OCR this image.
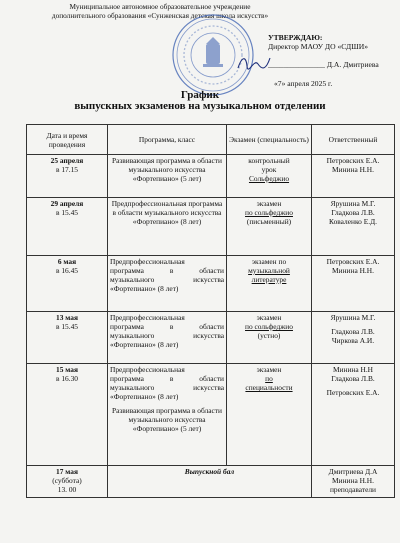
Муниципальное автономное образовательное учреждение
дополнительного образования «Сунженская детская школа искусств»
УТВЕРЖДАЮ:
Директор МАОУ ДО «СДШИ»
_______________ Д.А. Дмитриева
«7» апреля 2025 г.
График
выпускных экзаменов на музыкальном отделении
Дата и время проведения	Программа, класс	Экзамен (специальность)	Ответственный

25 апреля
в 17.15	Развивающая программа в области музыкального искусства «Фортепиано» (5 лет)	контрольный
урок
Сольфеджио	Петровских Е.А.
Минина Н.Н.

29 апреля
в 15.45	Предпрофессиональная программа в области музыкального искусства «Фортепиано» (8 лет)	экзамен
по сольфеджио
(письменный)	Ярушина М.Г.
Гладкова Л.В.
Коваленко Е.Д.

6 мая
в 16.45	Предпрофессиональная
программа в области
музыкального искусства
«Фортепиано» (8 лет)	экзамен по
музыкальной
литературе	Петровских Е.А.
Минина Н.Н.

13 мая
в 15.45	Предпрофессиональная
программа в области
музыкального искусства
«Фортепиано» (8 лет)	экзамен
по сольфеджио
(устно)	Ярушина М.Г.
Гладкова Л.В.
Чиркова А.И.

15 мая
в 16.30	Предпрофессиональная
программа в области
музыкального искусства
«Фортепиано» (8 лет)
Развивающая программа в области музыкального искусства «Фортепиано» (5 лет)	экзамен
по
специальности	Минина Н.Н
Гладкова Л.В.
Петровских Е.А.

17 мая
(суббота)
13. 00	Выпускной бал		Дмитриева Д.А
Минина Н.Н.
преподаватели
